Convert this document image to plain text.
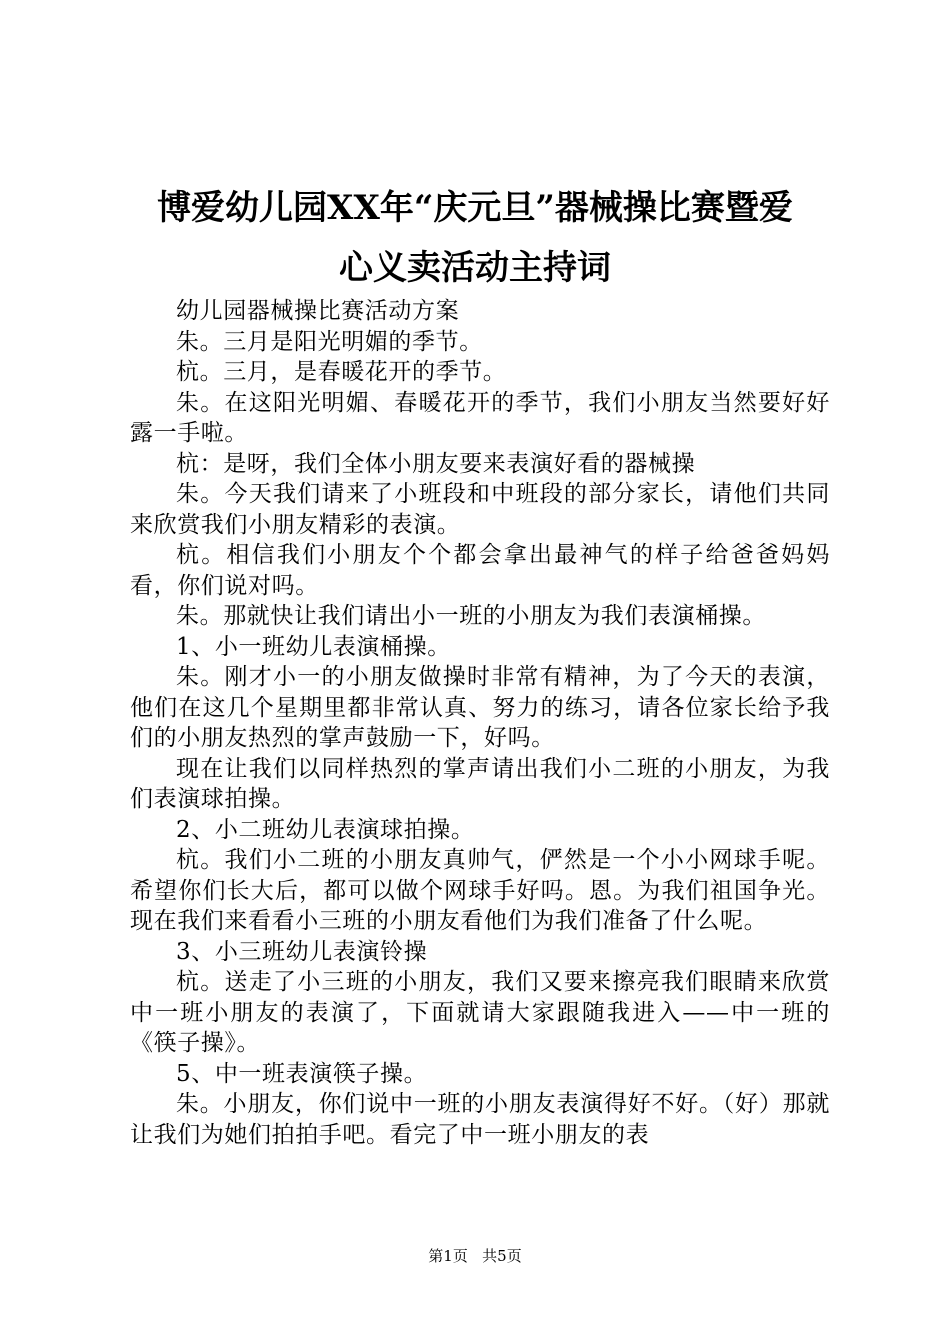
博爱幼儿园XX年“庆元旦”器械操比赛暨爱
心义卖活动主持词

幼儿园器械操比赛活动方案

朱。三月是阳光明媚的季节。

杭。三月，是春暖花开的季节。

朱。在这阳光明媚、春暖花开的季节，我们小朋友当然要好好露一手啦。

杭：是呀，我们全体小朋友要来表演好看的器械操

朱。今天我们请来了小班段和中班段的部分家长，请他们共同来欣赏我们小朋友精彩的表演。

杭。相信我们小朋友个个都会拿出最神气的样子给爸爸妈妈看，你们说对吗。

朱。那就快让我们请出小一班的小朋友为我们表演桶操。

1、小一班幼儿表演桶操。

朱。刚才小一的小朋友做操时非常有精神，为了今天的表演，他们在这几个星期里都非常认真、努力的练习，请各位家长给予我们的小朋友热烈的掌声鼓励一下，好吗。

现在让我们以同样热烈的掌声请出我们小二班的小朋友，为我们表演球拍操。

2、小二班幼儿表演球拍操。

杭。我们小二班的小朋友真帅气，俨然是一个小小网球手呢。希望你们长大后，都可以做个网球手好吗。恩。为我们祖国争光。现在我们来看看小三班的小朋友看他们为我们准备了什么呢。

3、小三班幼儿表演铃操

杭。送走了小三班的小朋友，我们又要来擦亮我们眼睛来欣赏中一班小朋友的表演了，下面就请大家跟随我进入——中一班的《筷子操》。

5、中一班表演筷子操。

朱。小朋友，你们说中一班的小朋友表演得好不好。（好）那就让我们为她们拍拍手吧。看完了中一班小朋友的表

第1页 共5页
